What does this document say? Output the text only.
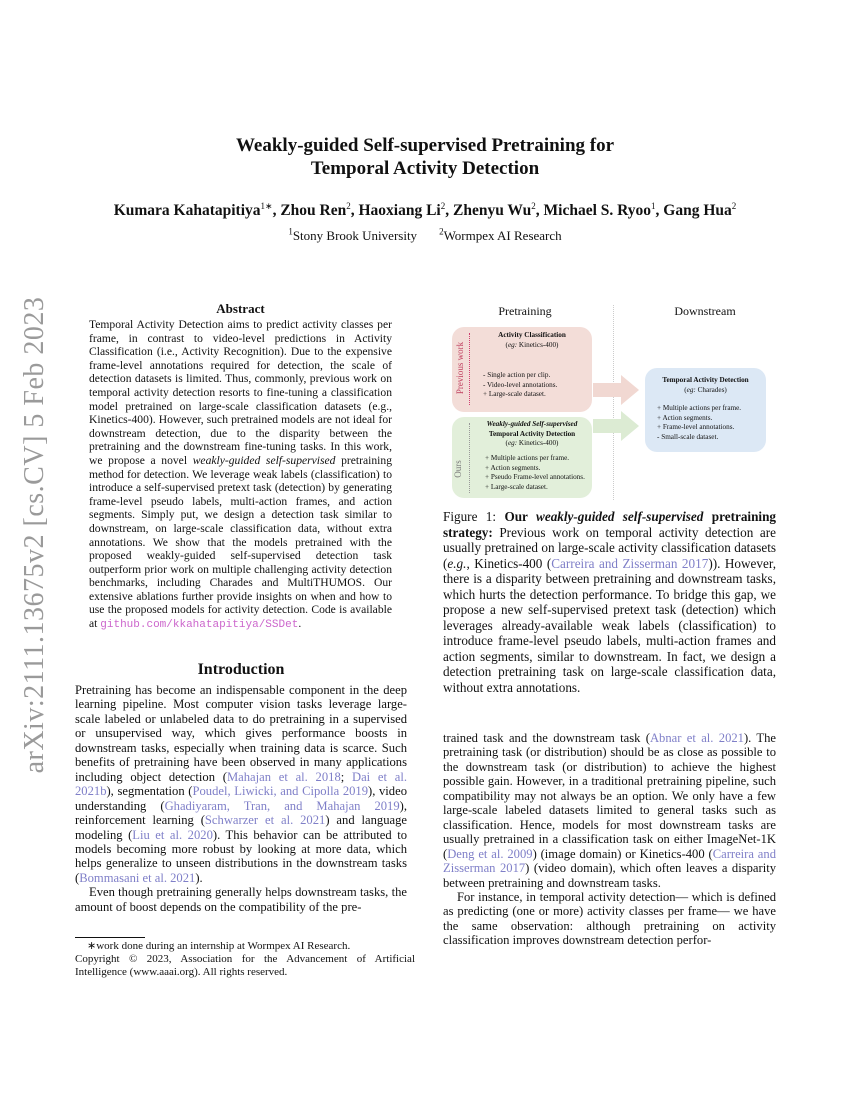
arXiv:2111.13675v2 [cs.CV] 5 Feb 2023
Weakly-guided Self-supervised Pretraining for
Temporal Activity Detection
Kumara Kahatapitiya$^{1∗}$, Zhou Ren$^2$, Haoxiang Li$^2$, Zhenyu Wu$^2$, Michael S. Ryoo$^1$, Gang Hua$^2$
$^1$Stony Brook University $^2$Wormpex AI Research
Abstract
Temporal Activity Detection aims to predict activity classes per frame, in contrast to video-level predictions in Activity Classification (i.e., Activity Recognition). Due to the expensive frame-level annotations required for detection, the scale of detection datasets is limited. Thus, commonly, previous work on temporal activity detection resorts to fine-tuning a classification model pretrained on large-scale classification datasets (e.g., Kinetics-400). However, such pretrained models are not ideal for downstream detection, due to the disparity between the pretraining and the downstream fine-tuning tasks. In this work, we propose a novel weakly-guided self-supervised pretraining method for detection. We leverage weak labels (classification) to introduce a self-supervised pretext task (detection) by generating frame-level pseudo labels, multi-action frames, and action segments. Simply put, we design a detection task similar to downstream, on large-scale classification data, without extra annotations. We show that the models pretrained with the proposed weakly-guided self-supervised detection task outperform prior work on multiple challenging activity detection benchmarks, including Charades and MultiTHUMOS. Our extensive ablations further provide insights on when and how to use the proposed models for activity detection. Code is available at github.com/kkahatapitiya/SSDet.
Introduction
Pretraining has become an indispensable component in the deep learning pipeline. Most computer vision tasks leverage large-scale labeled or unlabeled data to do pretraining in a supervised or unsupervised way, which gives performance boosts in downstream tasks, especially when training data is scarce. Such benefits of pretraining have been observed in many applications including object detection (Mahajan et al. 2018; Dai et al. 2021b), segmentation (Poudel, Liwicki, and Cipolla 2019), video understanding (Ghadiyaram, Tran, and Mahajan 2019), reinforcement learning (Schwarzer et al. 2021) and language modeling (Liu et al. 2020). This behavior can be attributed to models becoming more robust by looking at more data, which helps generalize to unseen distributions in the downstream tasks (Bommasani et al. 2021).
Even though pretraining generally helps downstream tasks, the amount of boost depends on the compatibility of the pre-
∗work done during an internship at Wormpex AI Research.
Copyright © 2023, Association for the Advancement of Artificial Intelligence (www.aaai.org). All rights reserved.
Pretraining	Downstream
Previous work
Activity Classification
(eg: Kinetics-400)
- Single action per clip.
- Video-level annotations.
+ Large-scale dataset.
Ours
Weakly-guided Self-supervised
Temporal Activity Detection
(eg: Kinetics-400)
+ Multiple actions per frame.
+ Action segments.
+ Pseudo Frame-level annotations.
+ Large-scale dataset.
Temporal Activity Detection
(eg: Charades)
+ Multiple actions per frame.
+ Action segments.
+ Frame-level annotations.
- Small-scale dataset.
Figure 1: Our weakly-guided self-supervised pretraining strategy: Previous work on temporal activity detection are usually pretrained on large-scale activity classification datasets (e.g., Kinetics-400 (Carreira and Zisserman 2017)). However, there is a disparity between pretraining and downstream tasks, which hurts the detection performance. To bridge this gap, we propose a new self-supervised pretext task (detection) which leverages already-available weak labels (classification) to introduce frame-level pseudo labels, multi-action frames and action segments, similar to downstream. In fact, we design a detection pretraining task on large-scale classification data, without extra annotations.
trained task and the downstream task (Abnar et al. 2021). The pretraining task (or distribution) should be as close as possible to the downstream task (or distribution) to achieve the highest possible gain. However, in a traditional pretraining pipeline, such compatibility may not always be an option. We only have a few large-scale labeled datasets limited to general tasks such as classification. Hence, models for most downstream tasks are usually pretrained in a classification task on either ImageNet-1K (Deng et al. 2009) (image domain) or Kinetics-400 (Carreira and Zisserman 2017) (video domain), which often leaves a disparity between pretraining and downstream tasks.
For instance, in temporal activity detection— which is defined as predicting (one or more) activity classes per frame— we have the same observation: although pretraining on activity classification improves downstream detection perfor-
